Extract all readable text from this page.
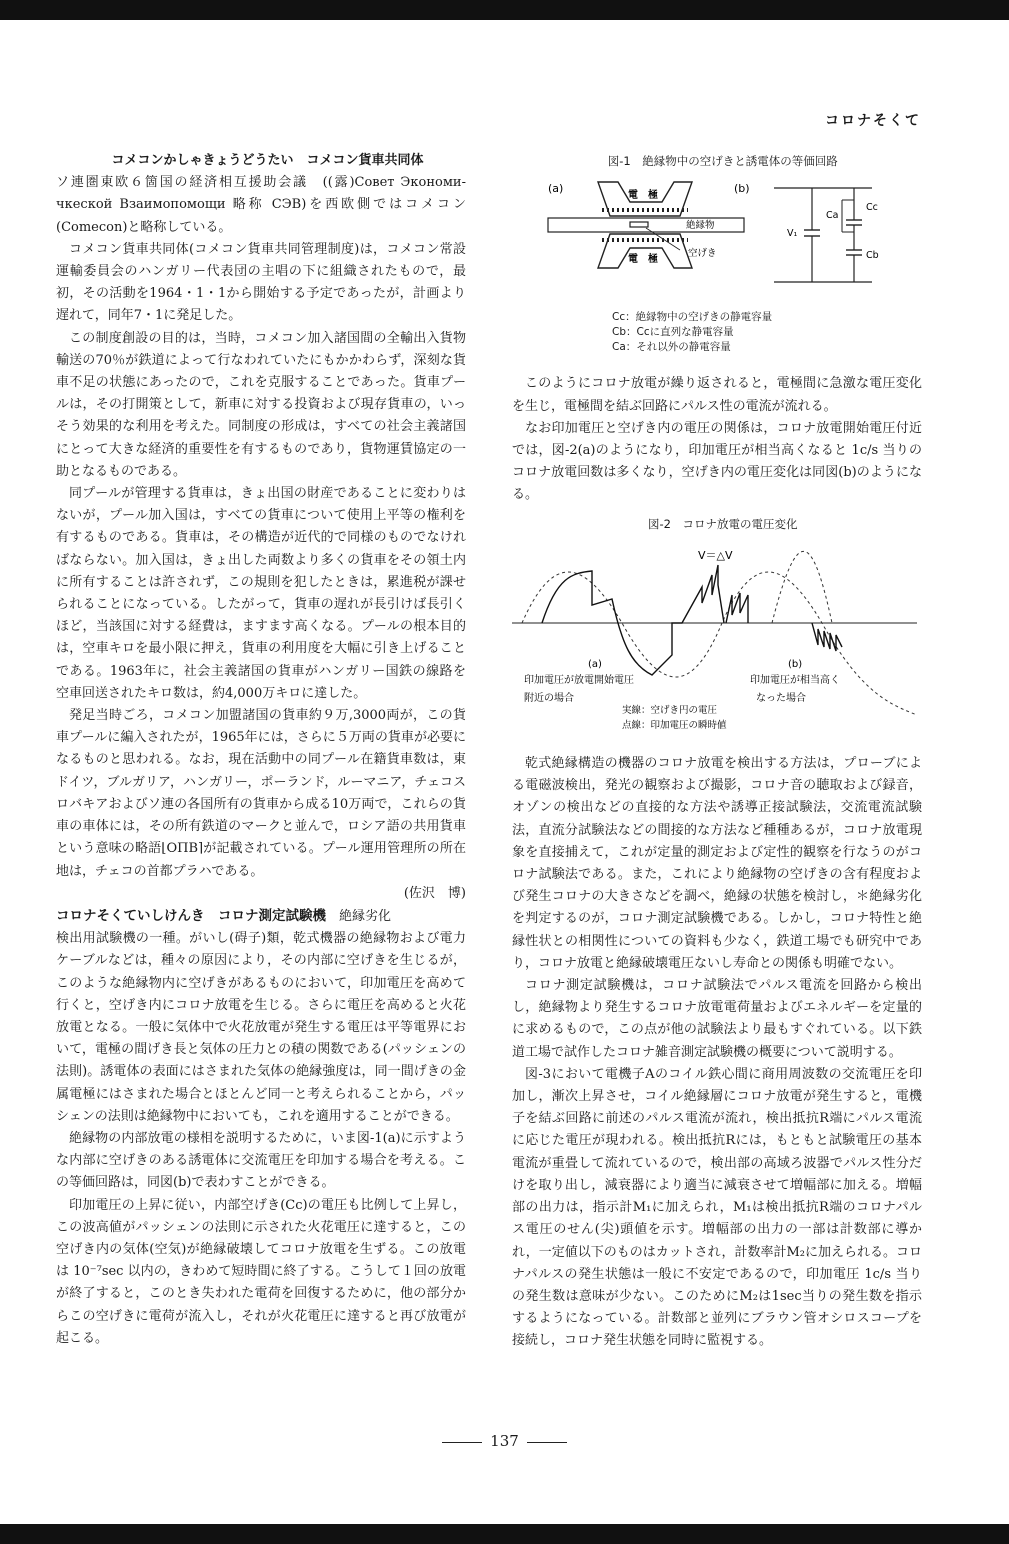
コロナそくて

コメコンかしゃきょうどうたい　コメコン貨車共同体

ソ連圏東欧６箇国の経済相互援助会議　((露)Совет Экономи-чкеской Взаимопомощи 略称 СЭВ)を西欧側ではコメコン(Comecon)と略称している。

コメコン貨車共同体(コメコン貨車共同管理制度)は，コメコン常設運輸委員会のハンガリー代表団の主唱の下に組織されたもので，最初，その活動を1964・1・1から開始する予定であったが，計画より遅れて，同年7・1に発足した。

この制度創設の目的は，当時，コメコン加入諸国間の全輸出入貨物輸送の70％が鉄道によって行なわれていたにもかかわらず，深刻な貨車不足の状態にあったので，これを克服することであった。貨車プールは，その打開策として，新車に対する投資および現存貨車の，いっそう効果的な利用を考えた。同制度の形成は，すべての社会主義諸国にとって大きな経済的重要性を有するものであり，貨物運賃協定の一助となるものである。

同プールが管理する貨車は，きょ出国の財産であることに変わりはないが，プール加入国は，すべての貨車について使用上平等の権利を有するものである。貨車は，その構造が近代的で同様のものでなければならない。加入国は，きょ出した両数より多くの貨車をその領土内に所有することは許されず，この規則を犯したときは，累進税が課せられることになっている。したがって，貨車の遅れが長引けば長引くほど，当該国に対する経費は，ますます高くなる。プールの根本目的は，空車キロを最小限に押え，貨車の利用度を大幅に引き上げることである。1963年に，社会主義諸国の貨車がハンガリー国鉄の線路を空車回送されたキロ数は，約4,000万キロに達した。

発足当時ごろ，コメコン加盟諸国の貨車約９万,3000両が，この貨車プールに編入されたが，1965年には，さらに５万両の貨車が必要になるものと思われる。なお，現在活動中の同プール在籍貨車数は，東ドイツ，ブルガリア，ハンガリー，ポーランド，ルーマニア，チェコスロバキアおよびソ連の各国所有の貨車から成る10万両で，これらの貨車の車体には，その所有鉄道のマークと並んで，ロシア語の共用貨車という意味の略語⌊ОПВ⌉が記載されている。プール運用管理所の所在地は，チェコの首都プラハである。

(佐沢　博)

コロナそくていしけんき　コロナ測定試験機　 絶縁劣化

検出用試験機の一種。がいし(碍子)類，乾式機器の絶縁物および電力ケーブルなどは，種々の原因により，その内部に空げきを生じるが，このような絶縁物内に空げきがあるものにおいて，印加電圧を高めて行くと，空げき内にコロナ放電を生じる。さらに電圧を高めると火花放電となる。一般に気体中で火花放電が発生する電圧は平等電界において，電極の間げき長と気体の圧力との積の関数である(パッシェンの法則)。誘電体の表面にはさまれた気体の絶縁強度は，同一間げきの金属電極にはさまれた場合とほとんど同一と考えられることから，パッシェンの法則は絶縁物中においても，これを適用することができる。

絶縁物の内部放電の様相を説明するために，いま図-1(a)に示すような内部に空げきのある誘電体に交流電圧を印加する場合を考える。この等価回路は，同図(b)で表わすことができる。

印加電圧の上昇に従い，内部空げき(Cc)の電圧も比例して上昇し，この波高値がパッシェンの法則に示された火花電圧に達すると，この空げき内の気体(空気)が絶縁破壊してコロナ放電を生ずる。この放電は 10⁻⁷sec 以内の，きわめて短時間に終了する。こうして１回の放電が終了すると，このとき失われた電荷を回復するために，他の部分からこの空げきに電荷が流入し，それが火花電圧に達すると再び放電が起こる。

図-1　絶縁物中の空げきと誘電体の等価回路

(a)	(b)
電　極
絶縁物
電　極
空げき
V₁
Ca
Cc
Cb
Cc：絶縁物中の空げきの静電容量
Cb：Ccに直列な静電容量
Ca：それ以外の静電容量

このようにコロナ放電が繰り返されると，電極間に急激な電圧変化を生じ，電極間を結ぶ回路にパルス性の電流が流れる。

なお印加電圧と空げき内の電圧の関係は，コロナ放電開始電圧付近では，図-2(a)のようになり，印加電圧が相当高くなると 1c/s 当りのコロナ放電回数は多くなり，空げき内の電圧変化は同図(b)のようになる。

図-2　コロナ放電の電圧変化

V＝△V
(a)	(b)
印加電圧が放電開始電圧
附近の場合
印加電圧が相当高く
なった場合
実線：空げき円の電圧
点線：印加電圧の瞬時値

乾式絶縁構造の機器のコロナ放電を検出する方法は，プローブによる電磁波検出，発光の観察および撮影，コロナ音の聴取および録音，オゾンの検出などの直接的な方法や誘導正接試験法，交流電流試験法，直流分試験法などの間接的な方法など種種あるが，コロナ放電現象を直接捕えて，これが定量的測定および定性的観察を行なうのがコロナ試験法である。また，これにより絶縁物の空げきの含有程度および発生コロナの大きさなどを調べ，絶縁の状態を検討し，＊絶縁劣化を判定するのが，コロナ測定試験機である。しかし，コロナ特性と絶縁性状との相関性についての資料も少なく，鉄道工場でも研究中であり，コロナ放電と絶縁破壊電圧ないし寿命との関係も明確でない。

コロナ測定試験機は，コロナ試験法でパルス電流を回路から検出し，絶縁物より発生するコロナ放電電荷量およびエネルギーを定量的に求めるもので，この点が他の試験法より最もすぐれている。以下鉄道工場で試作したコロナ雑音測定試験機の概要について説明する。

図-3において電機子Aのコイル鉄心間に商用周波数の交流電圧を印加し，漸次上昇させ，コイル絶縁層にコロナ放電が発生すると，電機子を結ぶ回路に前述のパルス電流が流れ，検出抵抗R端にパルス電流に応じた電圧が現われる。検出抵抗Rには，もともと試験電圧の基本電流が重畳して流れているので，検出部の高域ろ波器でパルス性分だけを取り出し，減衰器により適当に減衰させて増幅部に加える。増幅部の出力は，指示計M₁に加えられ，M₁は検出抵抗R端のコロナパルス電圧のせん(尖)頭値を示す。増幅部の出力の一部は計数部に導かれ，一定値以下のものはカットされ，計数率計M₂に加えられる。コロナパルスの発生状態は一般に不安定であるので，印加電圧 1c/s 当りの発生数は意味が少ない。このためにM₂は1sec当りの発生数を指示するようになっている。計数部と並列にブラウン管オシロスコープを接続し，コロナ発生状態を同時に監視する。

137
